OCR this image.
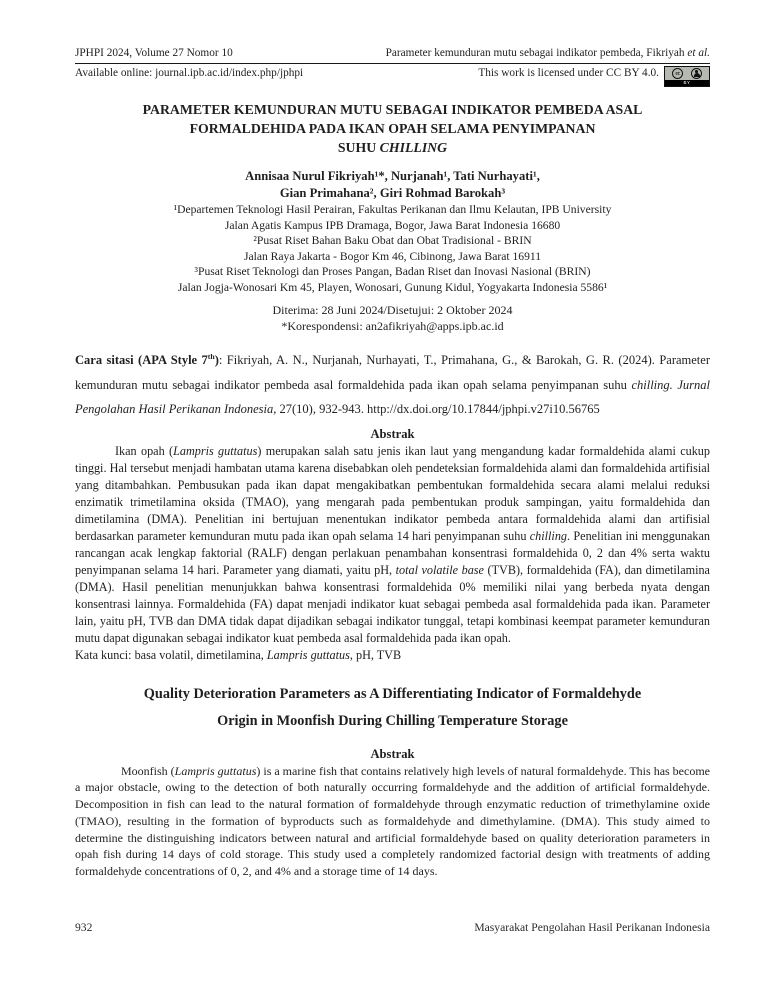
JPHPI 2024, Volume 27 Nomor 10	Parameter kemunduran mutu sebagai indikator pembeda, Fikriyah et al.
Available online: journal.ipb.ac.id/index.php/jphpi	This work is licensed under CC BY 4.0.	cc
BY
PARAMETER KEMUNDURAN MUTU SEBAGAI INDIKATOR PEMBEDA ASAL
FORMALDEHIDA PADA IKAN OPAH SELAMA PENYIMPANAN
SUHU CHILLING
Annisaa Nurul Fikriyah¹*, Nurjanah¹, Tati Nurhayati¹,
Gian Primahana², Giri Rohmad Barokah³
¹Departemen Teknologi Hasil Perairan, Fakultas Perikanan dan Ilmu Kelautan, IPB University
Jalan Agatis Kampus IPB Dramaga, Bogor, Jawa Barat Indonesia 16680
²Pusat Riset Bahan Baku Obat dan Obat Tradisional - BRIN
Jalan Raya Jakarta - Bogor Km 46, Cibinong, Jawa Barat 16911
³Pusat Riset Teknologi dan Proses Pangan, Badan Riset dan Inovasi Nasional (BRIN)
Jalan Jogja-Wonosari Km 45, Playen, Wonosari, Gunung Kidul, Yogyakarta Indonesia 5586¹
Diterima: 28 Juni 2024/Disetujui: 2 Oktober 2024
*Korespondensi: an2afikriyah@apps.ipb.ac.id

Cara sitasi (APA Style 7th): Fikriyah, A. N., Nurjanah, Nurhayati, T., Primahana, G., & Barokah, G. R. (2024). Parameter kemunduran mutu sebagai indikator pembeda asal formaldehida pada ikan opah selama penyimpanan suhu chilling. Jurnal Pengolahan Hasil Perikanan Indonesia, 27(10), 932-943. http://dx.doi.org/10.17844/jphpi.v27i10.56765

Abstrak

Ikan opah (Lampris guttatus) merupakan salah satu jenis ikan laut yang mengandung kadar formaldehida alami cukup tinggi. Hal tersebut menjadi hambatan utama karena disebabkan oleh pendeteksian formaldehida alami dan formaldehida artifisial yang ditambahkan. Pembusukan pada ikan dapat mengakibatkan pembentukan formaldehida secara alami melalui reduksi enzimatik trimetilamina oksida (TMAO), yang mengarah pada pembentukan produk sampingan, yaitu formaldehida dan dimetilamina (DMA). Penelitian ini bertujuan menentukan indikator pembeda antara formaldehida alami dan artifisial berdasarkan parameter kemunduran mutu pada ikan opah selama 14 hari penyimpanan suhu chilling. Penelitian ini menggunakan rancangan acak lengkap faktorial (RALF) dengan perlakuan penambahan konsentrasi formaldehida 0, 2 dan 4% serta waktu penyimpanan selama 14 hari. Parameter yang diamati, yaitu pH, total volatile base (TVB), formaldehida (FA), dan dimetilamina (DMA). Hasil penelitian menunjukkan bahwa konsentrasi formaldehida 0% memiliki nilai yang berbeda nyata dengan konsentrasi lainnya. Formaldehida (FA) dapat menjadi indikator kuat sebagai pembeda asal formaldehida pada ikan. Parameter lain, yaitu pH, TVB dan DMA tidak dapat dijadikan sebagai indikator tunggal, tetapi kombinasi keempat parameter kemunduran mutu dapat digunakan sebagai indikator kuat pembeda asal formaldehida pada ikan opah.

Kata kunci: basa volatil, dimetilamina, Lampris guttatus, pH, TVB

Quality Deterioration Parameters as A Differentiating Indicator of Formaldehyde
Origin in Moonfish During Chilling Temperature Storage
Abstrak

Moonfish (Lampris guttatus) is a marine fish that contains relatively high levels of natural formaldehyde. This has become a major obstacle, owing to the detection of both naturally occurring formaldehyde and the addition of artificial formaldehyde. Decomposition in fish can lead to the natural formation of formaldehyde through enzymatic reduction of trimethylamine oxide (TMAO), resulting in the formation of byproducts such as formaldehyde and dimethylamine. (DMA). This study aimed to determine the distinguishing indicators between natural and artificial formaldehyde based on quality deterioration parameters in opah fish during 14 days of cold storage. This study used a completely randomized factorial design with treatments of adding formaldehyde concentrations of 0, 2, and 4% and a storage time of 14 days.

932	Masyarakat Pengolahan Hasil Perikanan Indonesia
